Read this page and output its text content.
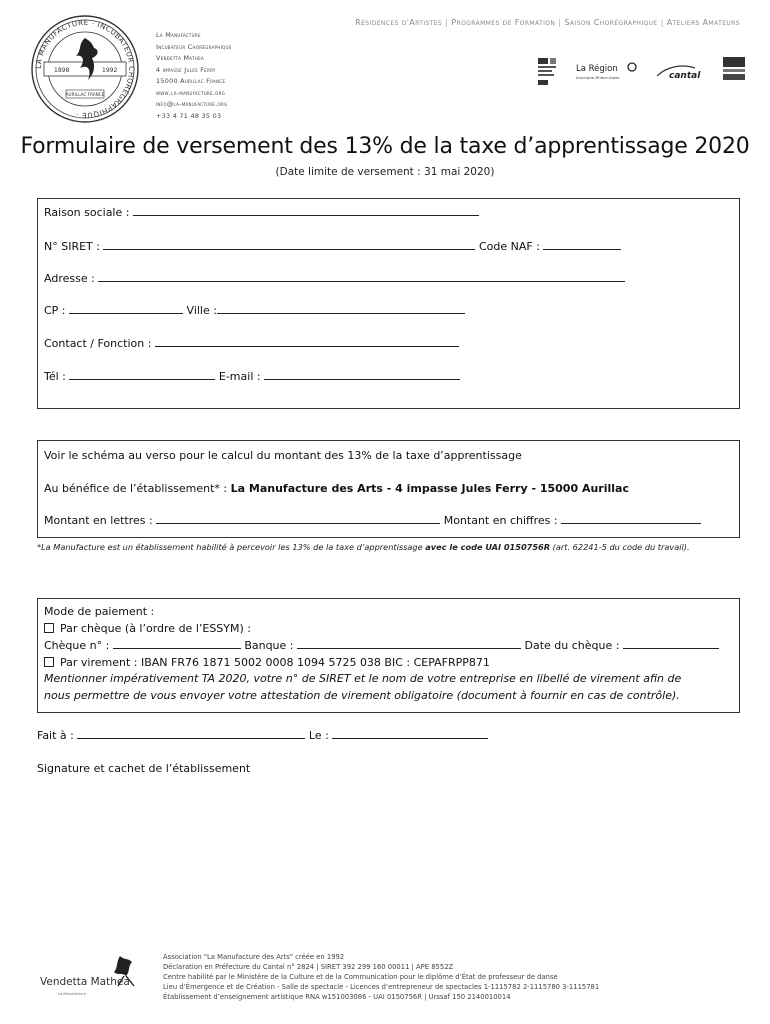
LA MANUFACTURE · INCUBATEUR CHORÉGRAPHIQUE ·
1898	1992
AURILLAC FRANCE
La Manufacture
Incubateur Chorégraphique
Vendetta Mathea
4 impasse Jules Ferry
15000 Aurillac France
www.la-manufacture.org
info@la-manufacture.org
+33 4 71 48 35 03
Résidences d'Artistes | Programmes de Formation | Saison Chorégraphique | Ateliers Amateurs
La Région
Auvergne-Rhône-Alpes	cantal
Formulaire de versement des 13% de la taxe d’apprentissage 2020
(Date limite de versement : 31 mai 2020)
Raison sociale :
N° SIRET :	Code NAF :
Adresse :
CP :	Ville :
Contact / Fonction :
Tél :	E-mail :
Voir le schéma au verso pour le calcul du montant des 13% de la taxe d’apprentissage
Au bénéfice de l’établissement* : La Manufacture des Arts - 4 impasse Jules Ferry - 15000 Aurillac
Montant en lettres :	Montant en chiffres :
*La Manufacture est un établissement habilité à percevoir les 13% de la taxe d’apprentissage avec le code UAI 0150756R (art. 62241-5 du code du travail).
Mode de paiement :
Par chèque (à l’ordre de l’ESSYM) :
Chèque n° :	Banque :	Date du chèque :
Par virement : IBAN FR76 1871 5002 0008 1094 5725 038 BIC : CEPAFRPP871
Mentionner impérativement TA 2020, votre n° de SIRET et le nom de votre entreprise en libellé de virement afin de
nous permettre de vous envoyer votre attestation de virement obligatoire (document à fournir en cas de contrôle).
Fait à :	Le :
Signature et cachet de l’établissement
Vendetta Mathea
La Manufacture
Association "La Manufacture des Arts" créée en 1992
Déclaration en Préfecture du Cantal n° 2824 | SIRET 392 299 160 00011 | APE 8552Z
Centre habilité par le Ministère de la Culture et de la Communication pour le diplôme d’État de professeur de danse
Lieu d’Émergence et de Création - Salle de spectacle - Licences d’entrepreneur de spectacles 1-1115782 2-1115780 3-1115781
Établissement d’enseignement artistique RNA w151003086 - UAI 0150756R | Urssaf 150 2140010014
